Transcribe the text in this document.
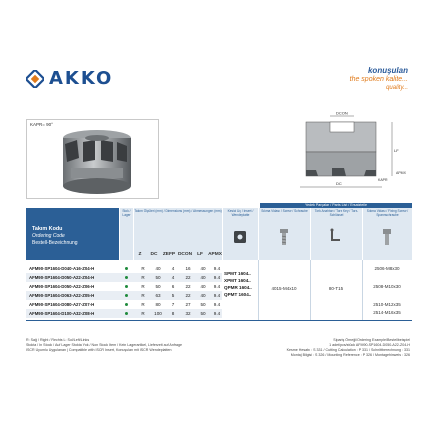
AKKO	konuşulan
the spoken kalite...
quality...
KAPR= 90°
DCON
DC
LF
KAPR
APMX
Yedek Parçalar / Parts List / Ersatzteile
Takım Kodu
Ordering Code
Bestell-Bezeichnung
Stok / Lager
Takım Ölçüleri (mm) / Dimensions (mm) / Abmessungen (mm)	Kesici Uç / Insert / Wendeplatte
Sıkma Vidası / Screw / Schraube	Tork Anahtarı / Torx Key / Torx-Schlüssel
Sıkma Vidası / Fixing Screw / Spannschraube
Z	DC	ZEFP DCON	LF	APMX
AFM90-SP1604-D040-A16-Z04-H	R	40	4	16	40	9.4
AFM90-SP1604-D050-A22-Z04-H	R	50	4	22	40	9.4
AFM90-SP1604-D050-A22-Z06-H	R	50	6	22	40	9.4
AFM90-SP1604-D063-A22-Z05-H	R	63	5	22	40	9.4
AFM90-SP1604-D080-A27-Z07-H	R	80	7	27	50	9.4
AFM90-SP1604-D100-A32-Z08-H	R	100	8	32	50	9.4
SPMT 1604..
XPMT 1604..
QPMR 1604..
QPMT 1604..
4015-M4x10	80-T15
2506-M8x30
2508-M10x30
2510-M12x35
2514-M16x35
R: Sağ / Right / Rechts L: Sol/Left/Links
Stokta / In Stock / Auf Lager Stokta Yok / Non Stock Item / Kein Lagerartikel, Lieferzeit auf Anfrage
ISCR Uyumlu Uygulanan | Compatible with ISCR Insert, Konuşulan mit ISCR Wendeplatten
Sipariş Örneği/Ordering Example/Bestellbeispiel
1 adet/pcs/stück AFM90-SP1604-D050-A22-Z04-H
Kesme Hesabı : S 331 / Cutting Calculation : P 331 / Schnittberechnung : 331
Montaj Bilgisi : S 326 / Mounting Reference : P 326 / Montagehinweis : 326
